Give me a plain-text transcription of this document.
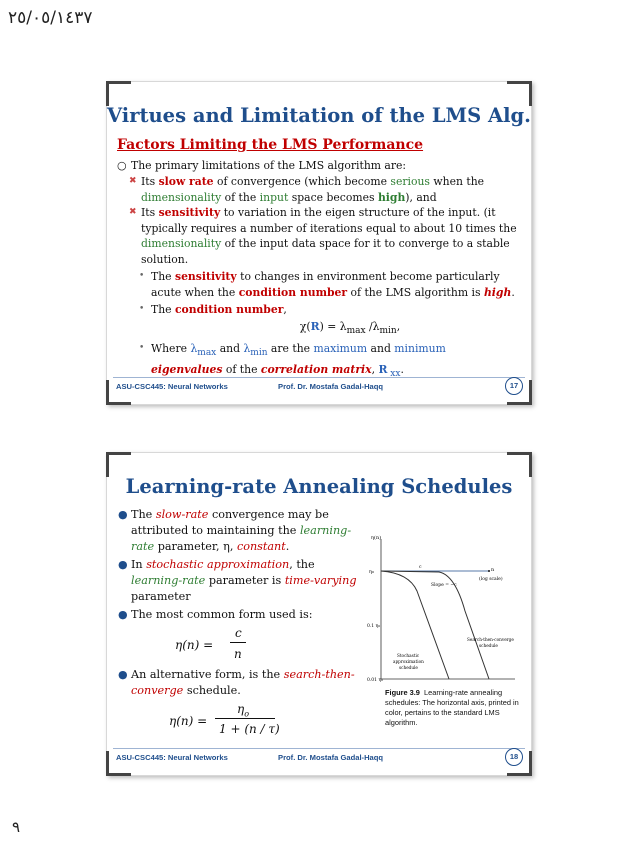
٢٥/٠٥/١٤٣٧
Virtues and Limitation of the LMS Alg.
Factors Limiting the LMS Performance
○ The primary limitations of the LMS algorithm are:
✖ Its slow rate of convergence (which become serious when the dimensionality of the input space becomes high), and
✖ Its sensitivity to variation in the eigen structure of the input. (it typically requires a number of iterations equal to about 10 times the dimensionality of the input data space for it to converge to a stable solution.
• The sensitivity to changes in environment become particularly acute when the condition number of the LMS algorithm is high.
• The condition number,
$\chi(R) = \lambda_{max}$ $/\lambda_{min}$,
• Where $\lambda_{max}$ and $\lambda_{min}$ are the maximum and minimum
eigenvalues of the correlation matrix, R $_{xx}$.
ASU-CSC445: Neural Networks	Prof. Dr. Mostafa Gadal-Haqq	17
Learning-rate Annealing Schedules
● The slow-rate convergence may be attributed to maintaining the learning-rate parameter, η, constant.
● In stochastic approximation, the learning-rate parameter is time-varying parameter
● The most common form used is:
η(n) =
c
n
● An alternative form, is the search-then-converge schedule.
η(n) =
$\eta_o$
1 + (n / τ)
η(n)
η₀
0.1 η₀
0.01 η₀
n
(log scale)
c
Slope = −c
Stochastic
approximation
schedule
Search-then-converge
schedule
Figure 3.9 Learning-rate annealing schedules: The horizontal axis, printed in color, pertains to the standard LMS algorithm.
ASU-CSC445: Neural Networks	Prof. Dr. Mostafa Gadal-Haqq	18
٩
